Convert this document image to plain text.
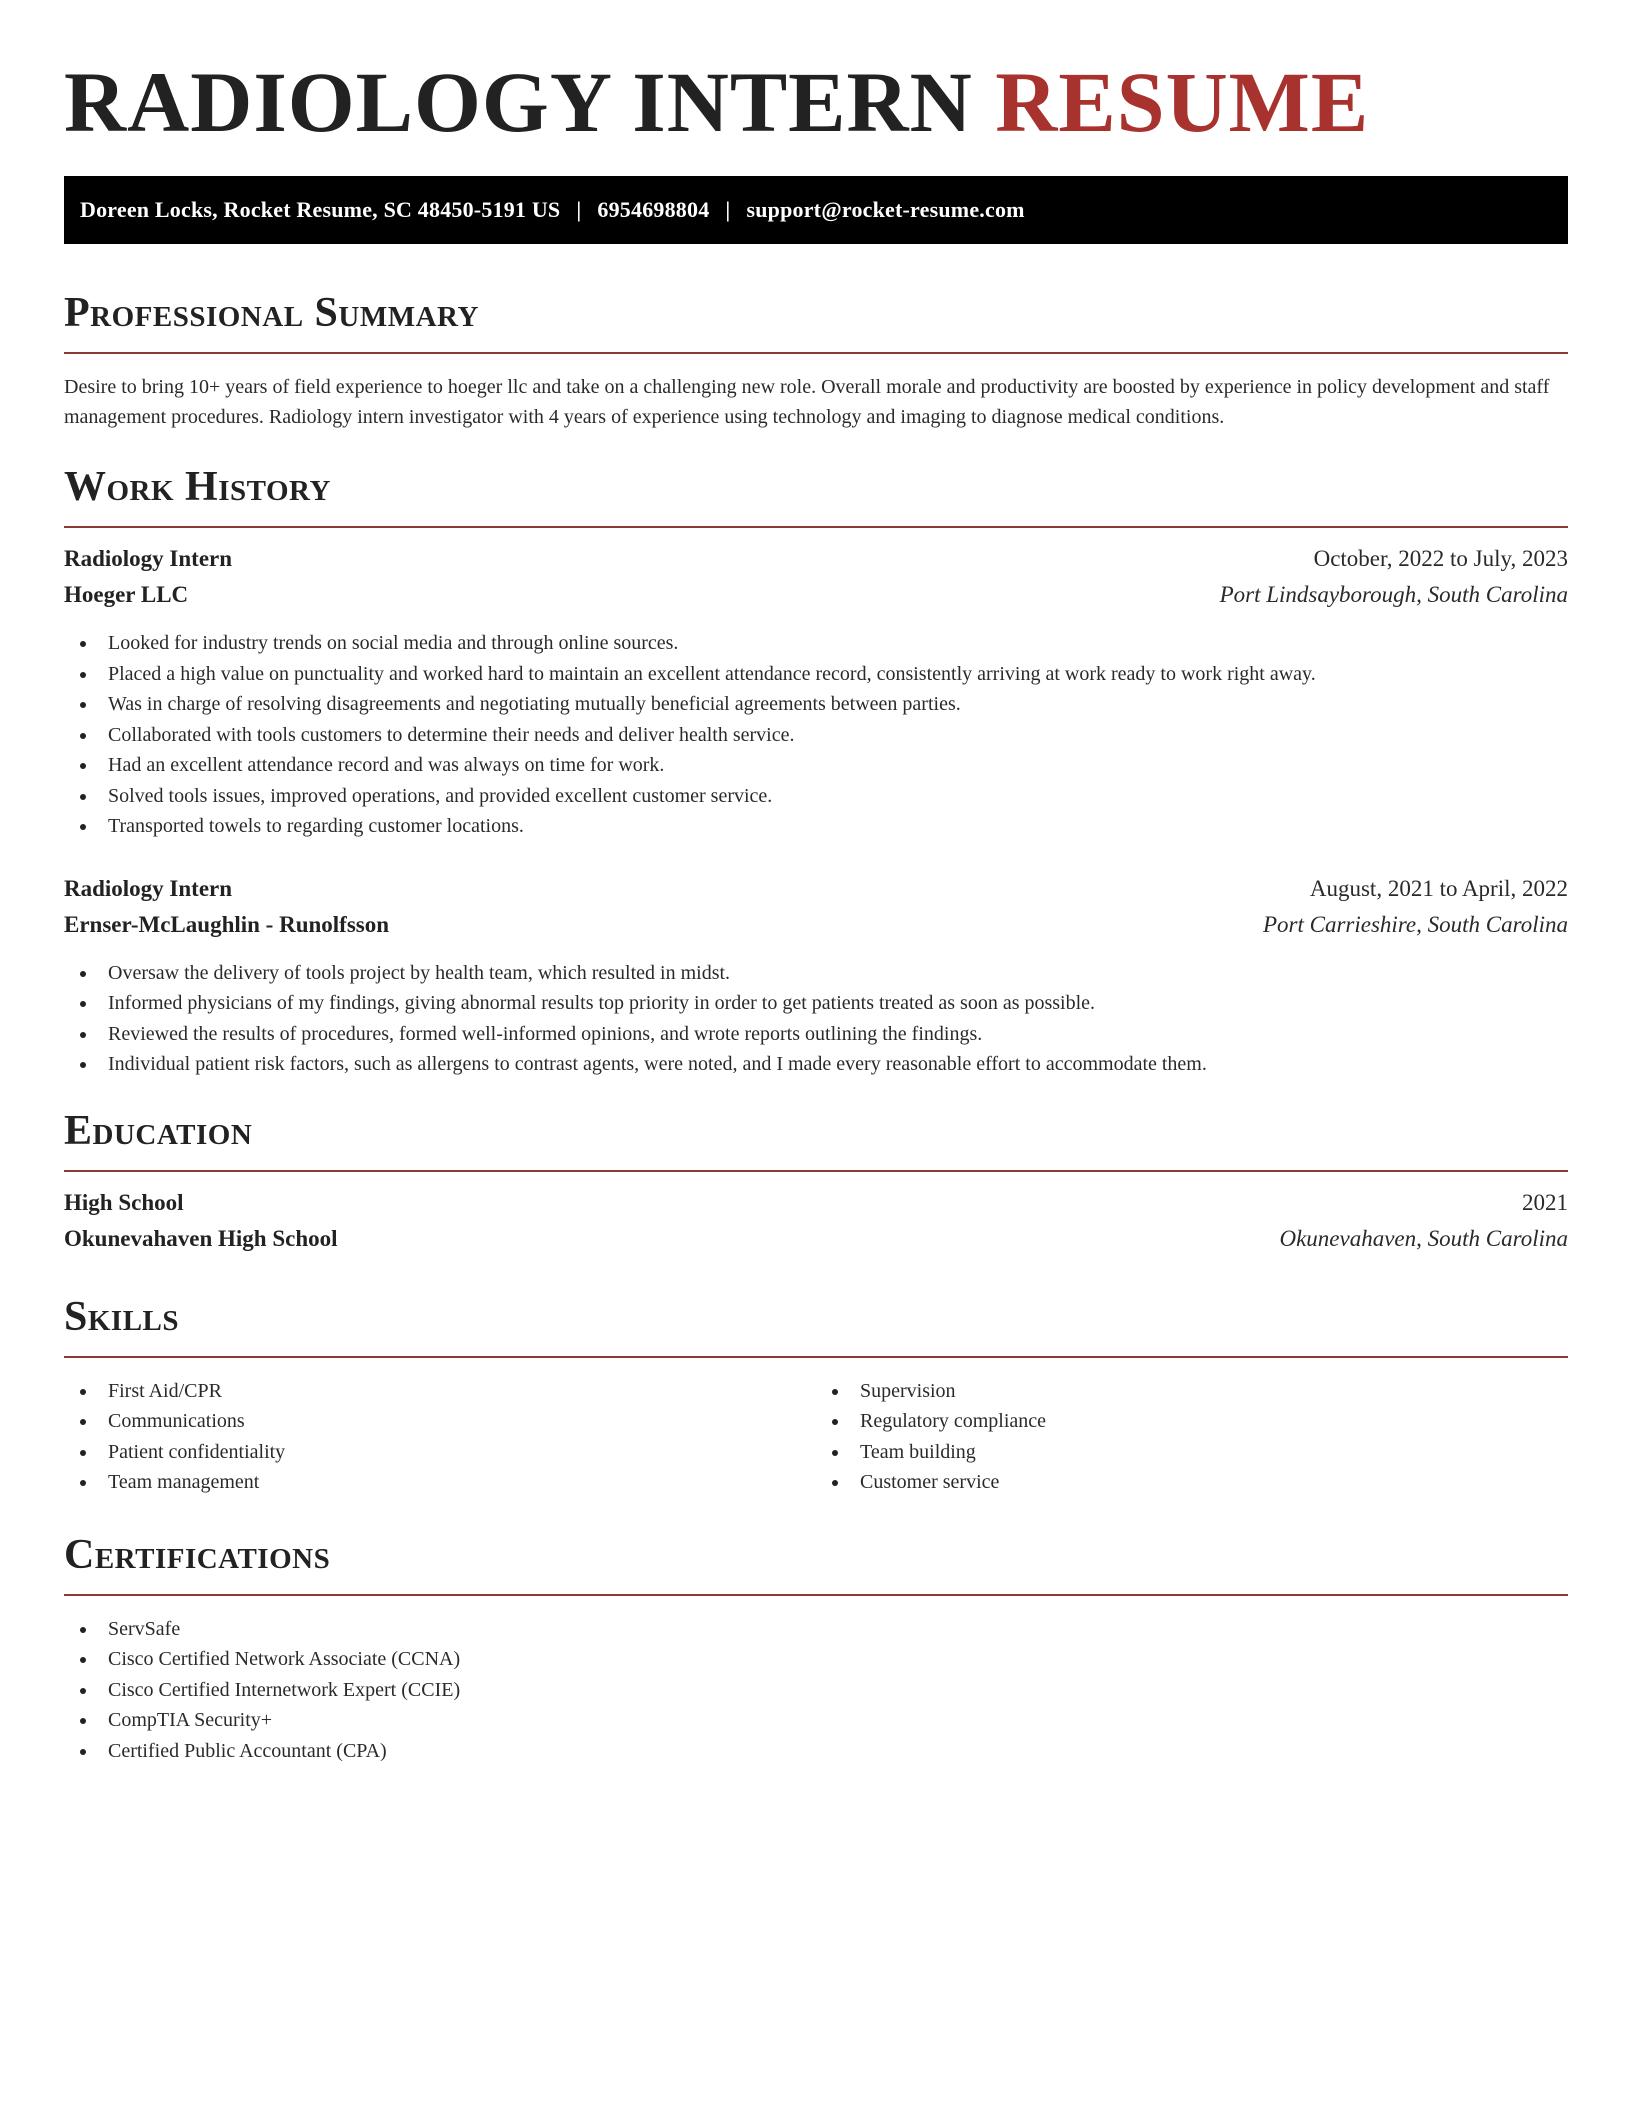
RADIOLOGY INTERN RESUME
Doreen Locks, Rocket Resume, SC 48450-5191 US | 6954698804 | support@rocket-resume.com
Professional Summary

Desire to bring 10+ years of field experience to hoeger llc and take on a challenging new role. Overall morale and productivity are boosted by experience in policy development and staff management procedures. Radiology intern investigator with 4 years of experience using technology and imaging to diagnose medical conditions.

Work History
Radiology Intern	October, 2022 to July, 2023
Hoeger LLC	Port Lindsayborough, South Carolina
Looked for industry trends on social media and through online sources.
Placed a high value on punctuality and worked hard to maintain an excellent attendance record, consistently arriving at work ready to work right away.
Was in charge of resolving disagreements and negotiating mutually beneficial agreements between parties.
Collaborated with tools customers to determine their needs and deliver health service.
Had an excellent attendance record and was always on time for work.
Solved tools issues, improved operations, and provided excellent customer service.
Transported towels to regarding customer locations.
Radiology Intern	August, 2021 to April, 2022
Ernser-McLaughlin - Runolfsson	Port Carrieshire, South Carolina
Oversaw the delivery of tools project by health team, which resulted in midst.
Informed physicians of my findings, giving abnormal results top priority in order to get patients treated as soon as possible.
Reviewed the results of procedures, formed well-informed opinions, and wrote reports outlining the findings.
Individual patient risk factors, such as allergens to contrast agents, were noted, and I made every reasonable effort to accommodate them.
Education
High School	2021
Okunevahaven High School	Okunevahaven, South Carolina
Skills
First Aid/CPR
Communications
Patient confidentiality
Team management
Supervision
Regulatory compliance
Team building
Customer service
Certifications
ServSafe
Cisco Certified Network Associate (CCNA)
Cisco Certified Internetwork Expert (CCIE)
CompTIA Security+
Certified Public Accountant (CPA)
